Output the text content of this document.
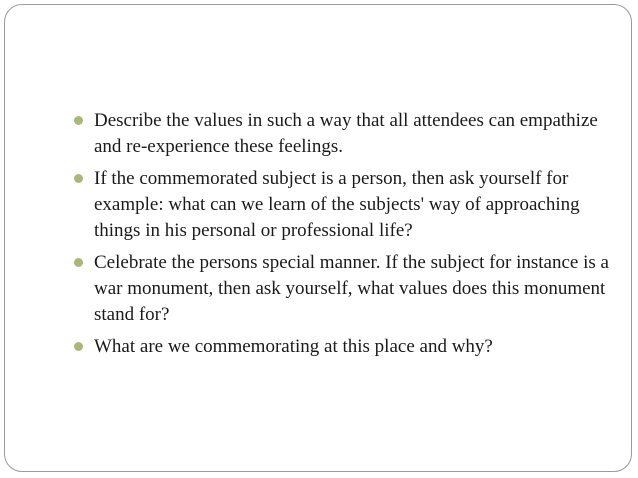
Describe the values in such a way that all attendees can empathize and re-experience these feelings.
If the commemorated subject is a person, then ask yourself for example: what can we learn of the subjects' way of approaching things in his personal or professional life?
Celebrate the persons special manner. If the subject for instance is a war monument, then ask yourself, what values does this monument stand for?
What are we commemorating at this place and why?
